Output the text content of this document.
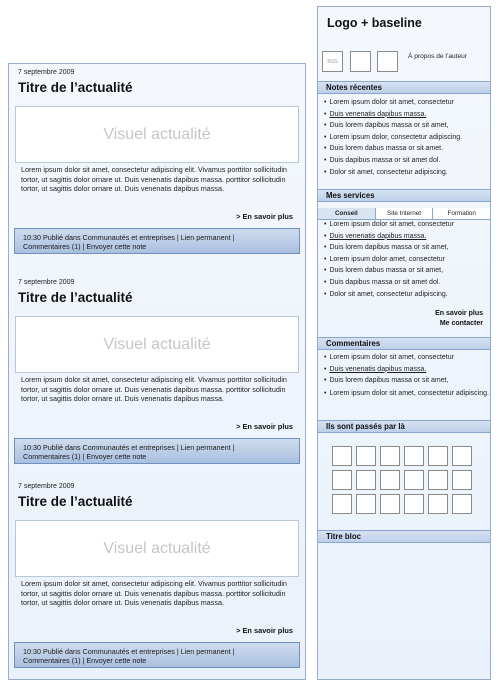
7 septembre 2009
Titre de l’actualité
Visuel actualité
Lorem ipsum dolor sit amet, consectetur adipiscing elit. Vivamus porttitor sollicitudin tortor, ut sagittis dolor ornare ut. Duis venenatis dapibus massa. porttitor sollicitudin tortor, ut sagittis dolor ornare ut. Duis venenatis dapibus massa.
> En savoir plus
10:30 Publié dans Communautés et entreprises | Lien permanent |
Commentaires (1) | Envoyer cette note
7 septembre 2009
Titre de l’actualité
Visuel actualité
Lorem ipsum dolor sit amet, consectetur adipiscing elit. Vivamus porttitor sollicitudin tortor, ut sagittis dolor ornare ut. Duis venenatis dapibus massa. porttitor sollicitudin tortor, ut sagittis dolor ornare ut. Duis venenatis dapibus massa.
> En savoir plus
10:30 Publié dans Communautés et entreprises | Lien permanent |
Commentaires (1) | Envoyer cette note
7 septembre 2009
Titre de l’actualité
Visuel actualité
Lorem ipsum dolor sit amet, consectetur adipiscing elit. Vivamus porttitor sollicitudin tortor, ut sagittis dolor ornare ut. Duis venenatis dapibus massa. porttitor sollicitudin tortor, ut sagittis dolor ornare ut. Duis venenatis dapibus massa.
> En savoir plus
10:30 Publié dans Communautés et entreprises | Lien permanent |
Commentaires (1) | Envoyer cette note
Logo + baseline
RSS
À propos de l’auteur
Notes récentes
• Lorem ipsum dolor sit amet, consectetur
• Duis venenatis dapibus massa.
• Duis lorem dapibus massa or sit amet,
• Lorem ipsum dolor, consectetur adipiscing.
• Duis lorem dabus massa or sit amet.
• Duis dapibus massa or sit amet dol.
• Dolor sit amet, consectetur adipiscing.
Mes services
Conseil	Site Internet	Formation
• Lorem ipsum dolor sit amet, consectetur
• Duis venenatis dapibus massa.
• Duis lorem dapibus massa or sit amet,
• Lorem ipsum dolor amet, consectetur
• Duis lorem dabus massa or sit amet,
• Duis dapibus massa or sit amet dol.
• Dolor sit amet, consectetur adipiscing.
En savoir plus
Me contacter
Commentaires
• Lorem ipsum dolor sit amet, consectetur
• Duis venenatis dapibus massa.
• Duis lorem dapibus massa or sit amet,
• Lorem ipsum dolor sit amet, consectetur adipiscing.
Ils sont passés par là
Titre bloc
